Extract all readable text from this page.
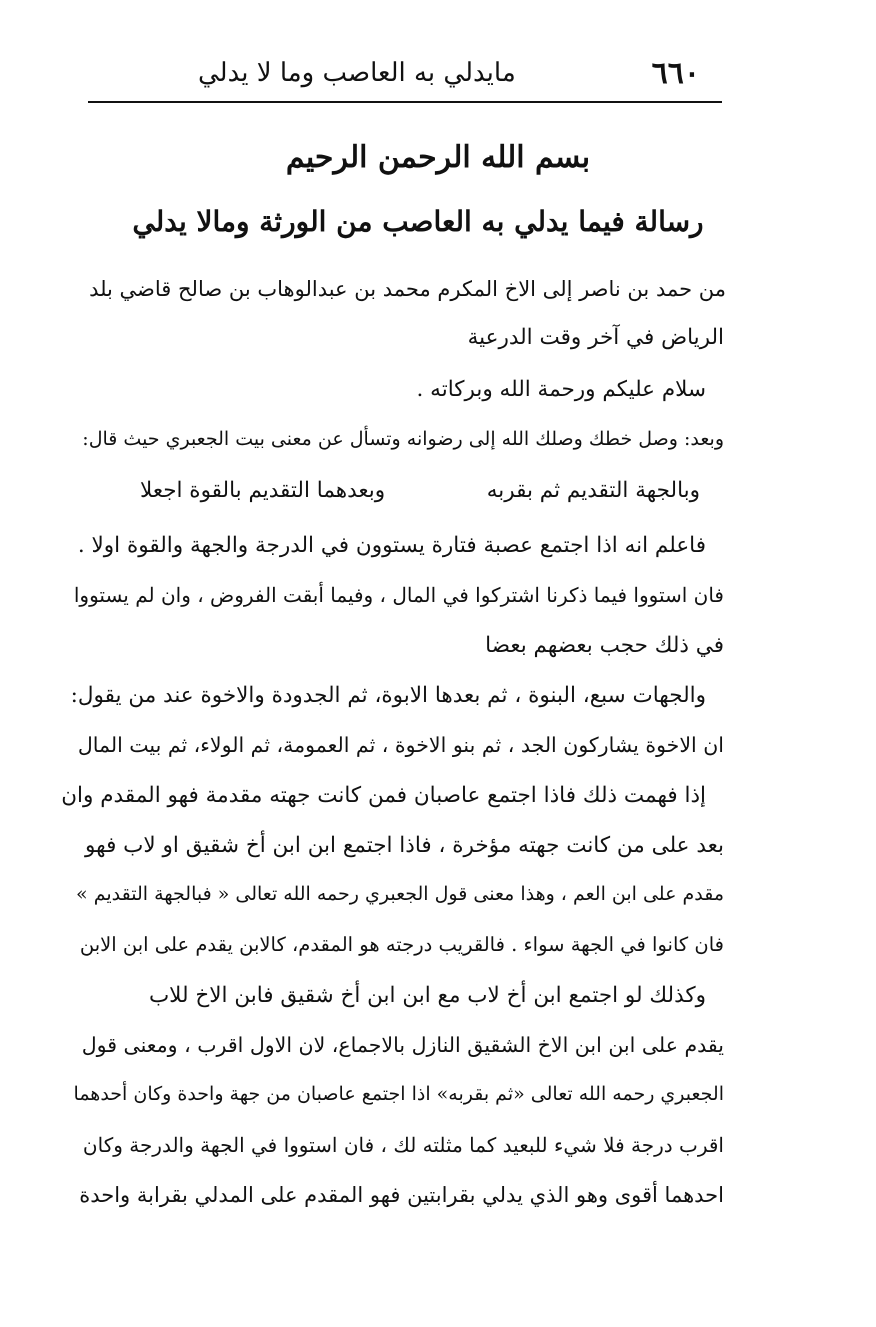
مايدلي به العاصب وما لا يدلي	٦٦٠
بسم الله الرحمن الرحيم
رسالة فيما يدلي به العاصب من الورثة ومالا يدلي
من حمد بن ناصر إلى الاخ المكرم محمد بن عبدالوهاب بن صالح قاضي بلد
الرياض في آخر وقت الدرعية
سلام عليكم ورحمة الله وبركاته .
وبعد: وصل خطك وصلك الله إلى رضوانه وتسأل عن معنى بيت الجعبري حيث قال:
وبالجهة التقديم ثم بقربه
وبعدهما التقديم بالقوة اجعلا
فاعلم انه اذا اجتمع عصبة فتارة يستوون في الدرجة والجهة والقوة اولا .
فان استووا فيما ذكرنا اشتركوا في المال ، وفيما أبقت الفروض ، وان لم يستووا
في ذلك حجب بعضهم بعضا
والجهات سبع، البنوة ، ثم بعدها الابوة، ثم الجدودة والاخوة عند من يقول:
ان الاخوة يشاركون الجد ، ثم بنو الاخوة ، ثم العمومة، ثم الولاء، ثم بيت المال
إذا فهمت ذلك فاذا اجتمع عاصبان فمن كانت جهته مقدمة فهو المقدم وان
بعد على من كانت جهته مؤخرة ، فاذا اجتمع ابن ابن أخ شقيق او لاب فهو
مقدم على ابن العم ، وهذا معنى قول الجعبري رحمه الله تعالى « فبالجهة التقديم »
فان كانوا في الجهة سواء . فالقريب درجته هو المقدم، كالابن يقدم على ابن الابن
وكذلك لو اجتمع ابن أخ لاب مع ابن ابن أخ شقيق فابن الاخ للاب
يقدم على ابن ابن الاخ الشقيق النازل بالاجماع، لان الاول اقرب ، ومعنى قول
الجعبري رحمه الله تعالى «ثم بقربه» اذا اجتمع عاصبان من جهة واحدة وكان أحدهما
اقرب درجة فلا شيء للبعيد كما مثلته لك ، فان استووا في الجهة والدرجة وكان
احدهما أقوى وهو الذي يدلي بقرابتين فهو المقدم على المدلي بقرابة واحدة
